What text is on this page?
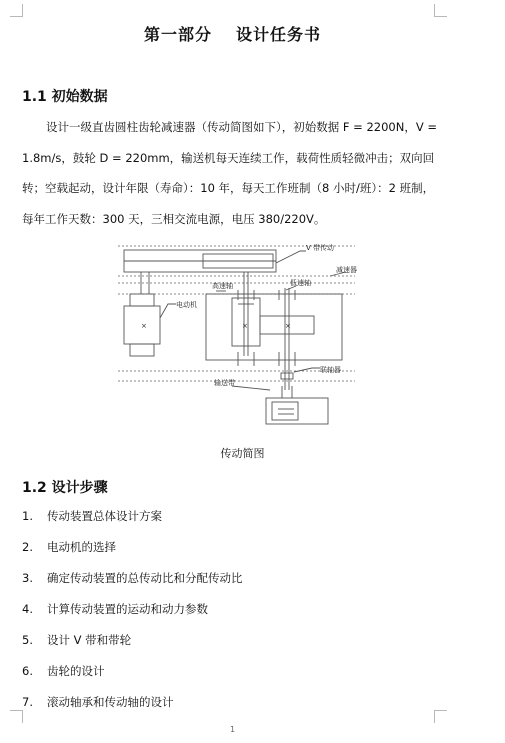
第一部分 设计任务书
1.1 初始数据
设计一级直齿圆柱齿轮减速器（传动简图如下），初始数据 F = 2200N，V = 1.8m/s，鼓轮 D = 220mm，输送机每天连续工作，载荷性质轻微冲击；双向回转；空载起动，设计年限（寿命）：10 年，每天工作班制（8 小时/班）：2 班制，每年工作天数：300 天，三相交流电源，电压 380/220V。
×	×	×
V 带传动
减速器
高速轴	低速轴
电动机
联轴器
输送带
传动简图
1.2 设计步骤
1. 传动装置总体设计方案
2. 电动机的选择
3. 确定传动装置的总传动比和分配传动比
4. 计算传动装置的运动和动力参数
5. 设计 V 带和带轮
6. 齿轮的设计
7. 滚动轴承和传动轴的设计
1
